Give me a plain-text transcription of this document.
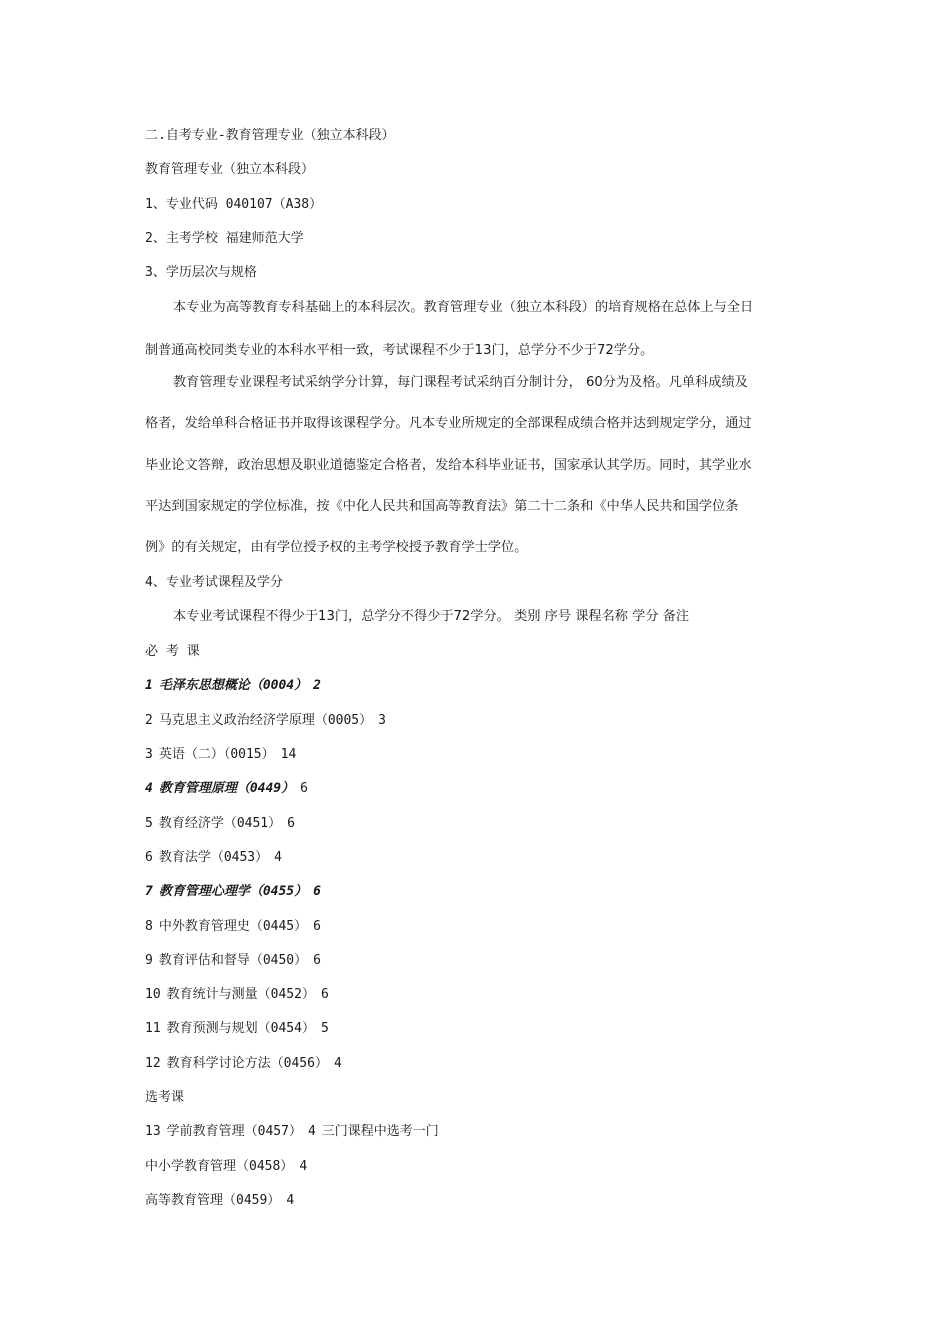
二.自考专业-教育管理专业（独立本科段）

教育管理专业（独立本科段）

1、专业代码 040107（A38）

2、主考学校 福建师范大学

3、学历层次与规格

本专业为高等教育专科基础上的本科层次。教育管理专业（独立本科段）的培育规格在总体上与全日

制普通高校同类专业的本科水平相一致，考试课程不少于13门，总学分不少于72学分。

教育管理专业课程考试采纳学分计算，每门课程考试采纳百分制计分， 60分为及格。凡单科成绩及

格者，发给单科合格证书并取得该课程学分。凡本专业所规定的全部课程成绩合格并达到规定学分，通过

毕业论文答辩，政治思想及职业道德鉴定合格者，发给本科毕业证书，国家承认其学历。同时，其学业水

平达到国家规定的学位标准，按《中化人民共和国高等教育法》第二十二条和《中华人民共和国学位条

例》的有关规定，由有学位授予权的主考学校授予教育学士学位。

4、专业考试课程及学分

本专业考试课程不得少于13门，总学分不得少于72学分。 类别 序号 课程名称 学分 备注

必 考 课

1 毛泽东思想概论（0004） 2

2 马克思主义政治经济学原理（0005） 3

3 英语（二）（0015） 14

4 教育管理原理（0449） 6

5 教育经济学（0451） 6

6 教育法学（0453） 4

7 教育管理心理学（0455） 6

8 中外教育管理史（0445） 6

9 教育评估和督导（0450） 6

10 教育统计与测量（0452） 6

11 教育预测与规划（0454） 5

12 教育科学讨论方法（0456） 4

选考课

13 学前教育管理（0457） 4 三门课程中选考一门

中小学教育管理（0458） 4

高等教育管理（0459） 4
